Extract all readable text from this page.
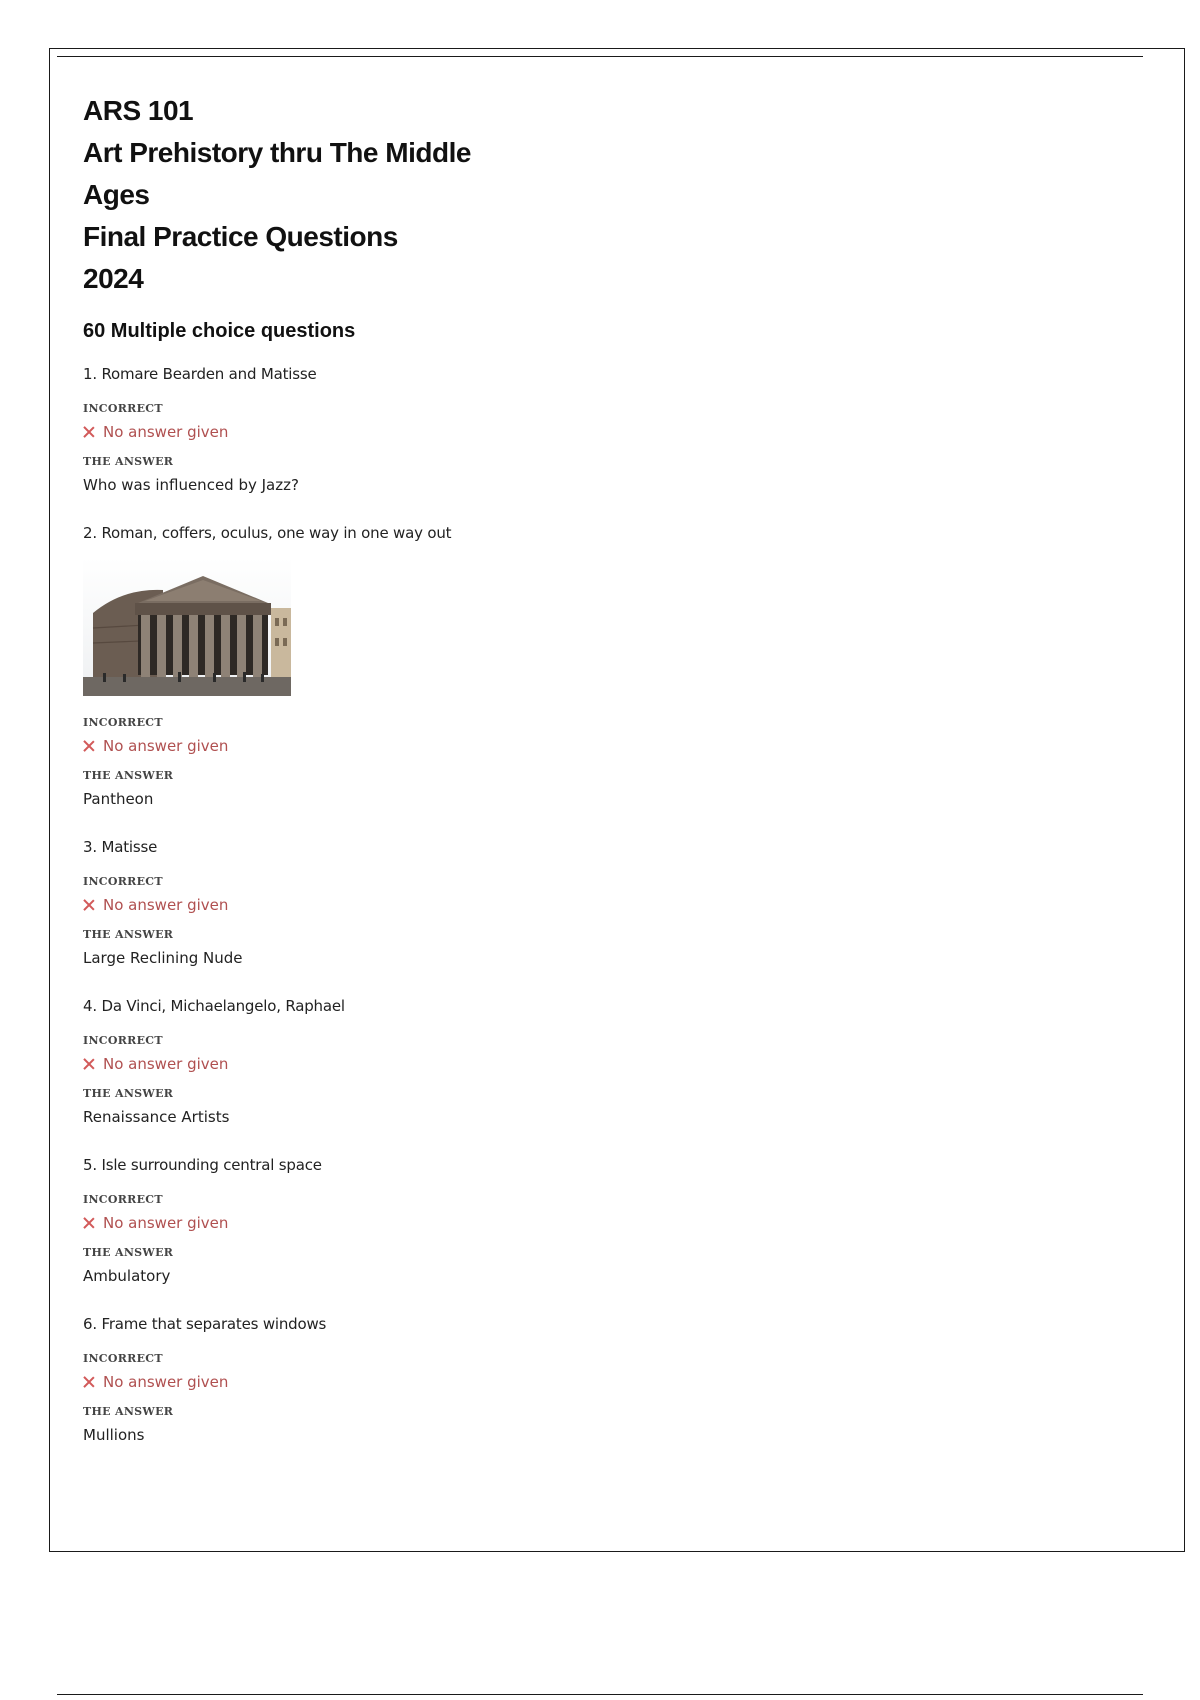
ARS 101
Art Prehistory thru The Middle
Ages
Final Practice Questions
2024
60 Multiple choice questions
1. Romare Bearden and Matisse
INCORRECT
No answer given
THE ANSWER
Who was influenced by Jazz?
2. Roman, coffers, oculus, one way in one way out
INCORRECT
No answer given
THE ANSWER
Pantheon
3. Matisse
INCORRECT
No answer given
THE ANSWER
Large Reclining Nude
4. Da Vinci, Michaelangelo, Raphael
INCORRECT
No answer given
THE ANSWER
Renaissance Artists
5. Isle surrounding central space
INCORRECT
No answer given
THE ANSWER
Ambulatory
6. Frame that separates windows
INCORRECT
No answer given
THE ANSWER
Mullions
